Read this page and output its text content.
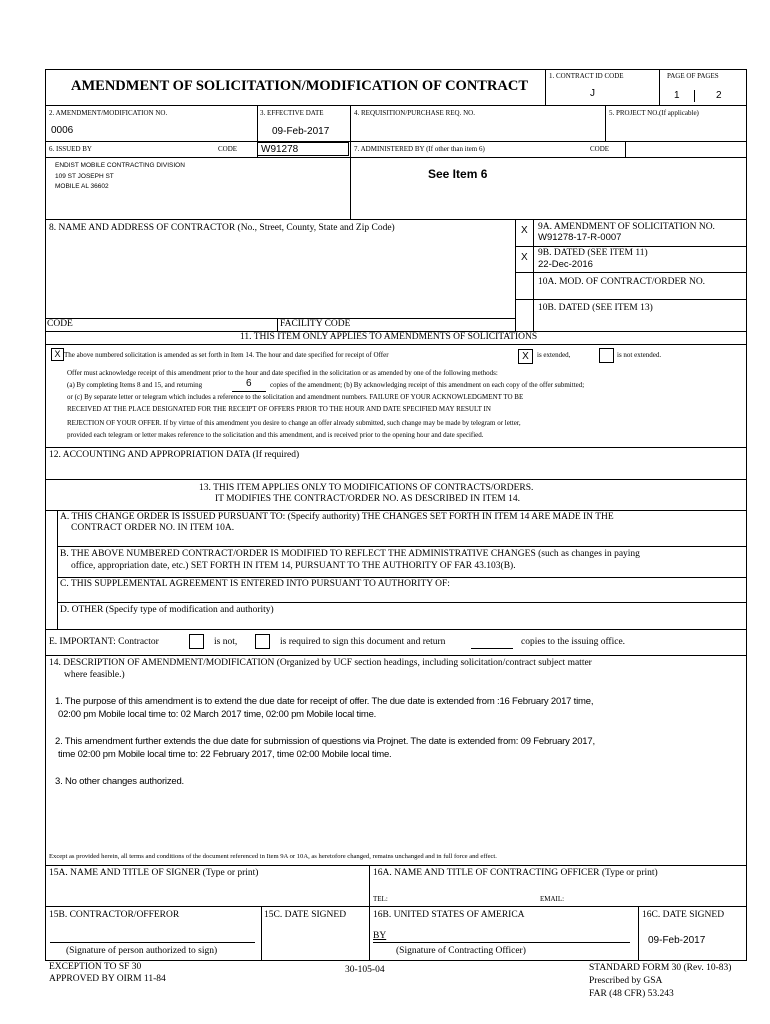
AMENDMENT OF SOLICITATION/MODIFICATION OF CONTRACT
1. CONTRACT ID CODE
J
PAGE OF PAGES
1	2
2. AMENDMENT/MODIFICATION NO.
0006
3. EFFECTIVE DATE
09-Feb-2017
4. REQUISITION/PURCHASE REQ. NO.	5. PROJECT NO.(If applicable)
6. ISSUED BY	CODE	W91278	7. ADMINISTERED BY (If other than item 6)	CODE
ENDIST MOBILE CONTRACTING DIVISION
109 ST JOSEPH ST
MOBILE AL 36602
See Item 6
8. NAME AND ADDRESS OF CONTRACTOR (No., Street, County, State and Zip Code)	X 9A. AMENDMENT OF SOLICITATION NO.
W91278-17-R-0007
X 9B. DATED (SEE ITEM 11)
22-Dec-2016
10A. MOD. OF CONTRACT/ORDER NO.
10B. DATED (SEE ITEM 13)
CODE	FACILITY CODE
11. THIS ITEM ONLY APPLIES TO AMENDMENTS OF SOLICITATIONS
X The above numbered solicitation is amended as set forth in Item 14. The hour and date specified for receipt of Offer	X	is extended,	is not extended.
Offer must acknowledge receipt of this amendment prior to the hour and date specified in the solicitation or as amended by one of the following methods:
(a) By completing Items 8 and 15, and returning	6	copies of the amendment; (b) By acknowledging receipt of this amendment on each copy of the offer submitted;
or (c) By separate letter or telegram which includes a reference to the solicitation and amendment numbers. FAILURE OF YOUR ACKNOWLEDGMENT TO BE
RECEIVED AT THE PLACE DESIGNATED FOR THE RECEIPT OF OFFERS PRIOR TO THE HOUR AND DATE SPECIFIED MAY RESULT IN
REJECTION OF YOUR OFFER. If by virtue of this amendment you desire to change an offer already submitted, such change may be made by telegram or letter,
provided each telegram or letter makes reference to the solicitation and this amendment, and is received prior to the opening hour and date specified.
12. ACCOUNTING AND APPROPRIATION DATA (If required)
13. THIS ITEM APPLIES ONLY TO MODIFICATIONS OF CONTRACTS/ORDERS.
IT MODIFIES THE CONTRACT/ORDER NO. AS DESCRIBED IN ITEM 14.
A. THIS CHANGE ORDER IS ISSUED PURSUANT TO: (Specify authority) THE CHANGES SET FORTH IN ITEM 14 ARE MADE IN THE
CONTRACT ORDER NO. IN ITEM 10A.
B. THE ABOVE NUMBERED CONTRACT/ORDER IS MODIFIED TO REFLECT THE ADMINISTRATIVE CHANGES (such as changes in paying
office, appropriation date, etc.) SET FORTH IN ITEM 14, PURSUANT TO THE AUTHORITY OF FAR 43.103(B).
C. THIS SUPPLEMENTAL AGREEMENT IS ENTERED INTO PURSUANT TO AUTHORITY OF:
D. OTHER (Specify type of modification and authority)
E. IMPORTANT: Contractor	is not,	is required to sign this document and return	copies to the issuing office.
14. DESCRIPTION OF AMENDMENT/MODIFICATION (Organized by UCF section headings, including solicitation/contract subject matter
where feasible.)
1. The purpose of this amendment is to extend the due date for receipt of offer. The due date is extended from :16 February 2017 time,
02:00 pm Mobile local time to: 02 March 2017 time, 02:00 pm Mobile local time.
2. This amendment further extends the due date for submission of questions via Projnet. The date is extended from: 09 February 2017,
time 02:00 pm Mobile local time to: 22 February 2017, time 02:00 Mobile local time.
3. No other changes authorized.
Except as provided herein, all terms and conditions of the document referenced in Item 9A or 10A, as heretofore changed, remains unchanged and in full force and effect.
15A. NAME AND TITLE OF SIGNER (Type or print)	16A. NAME AND TITLE OF CONTRACTING OFFICER (Type or print)
TEL:	EMAIL:
15B. CONTRACTOR/OFFEROR	15C. DATE SIGNED	16B. UNITED STATES OF AMERICA	16C. DATE SIGNED
(Signature of person authorized to sign)
BY
(Signature of Contracting Officer)
09-Feb-2017
EXCEPTION TO SF 30
APPROVED BY OIRM 11-84
30-105-04	STANDARD FORM 30 (Rev. 10-83)
Prescribed by GSA
FAR (48 CFR) 53.243
